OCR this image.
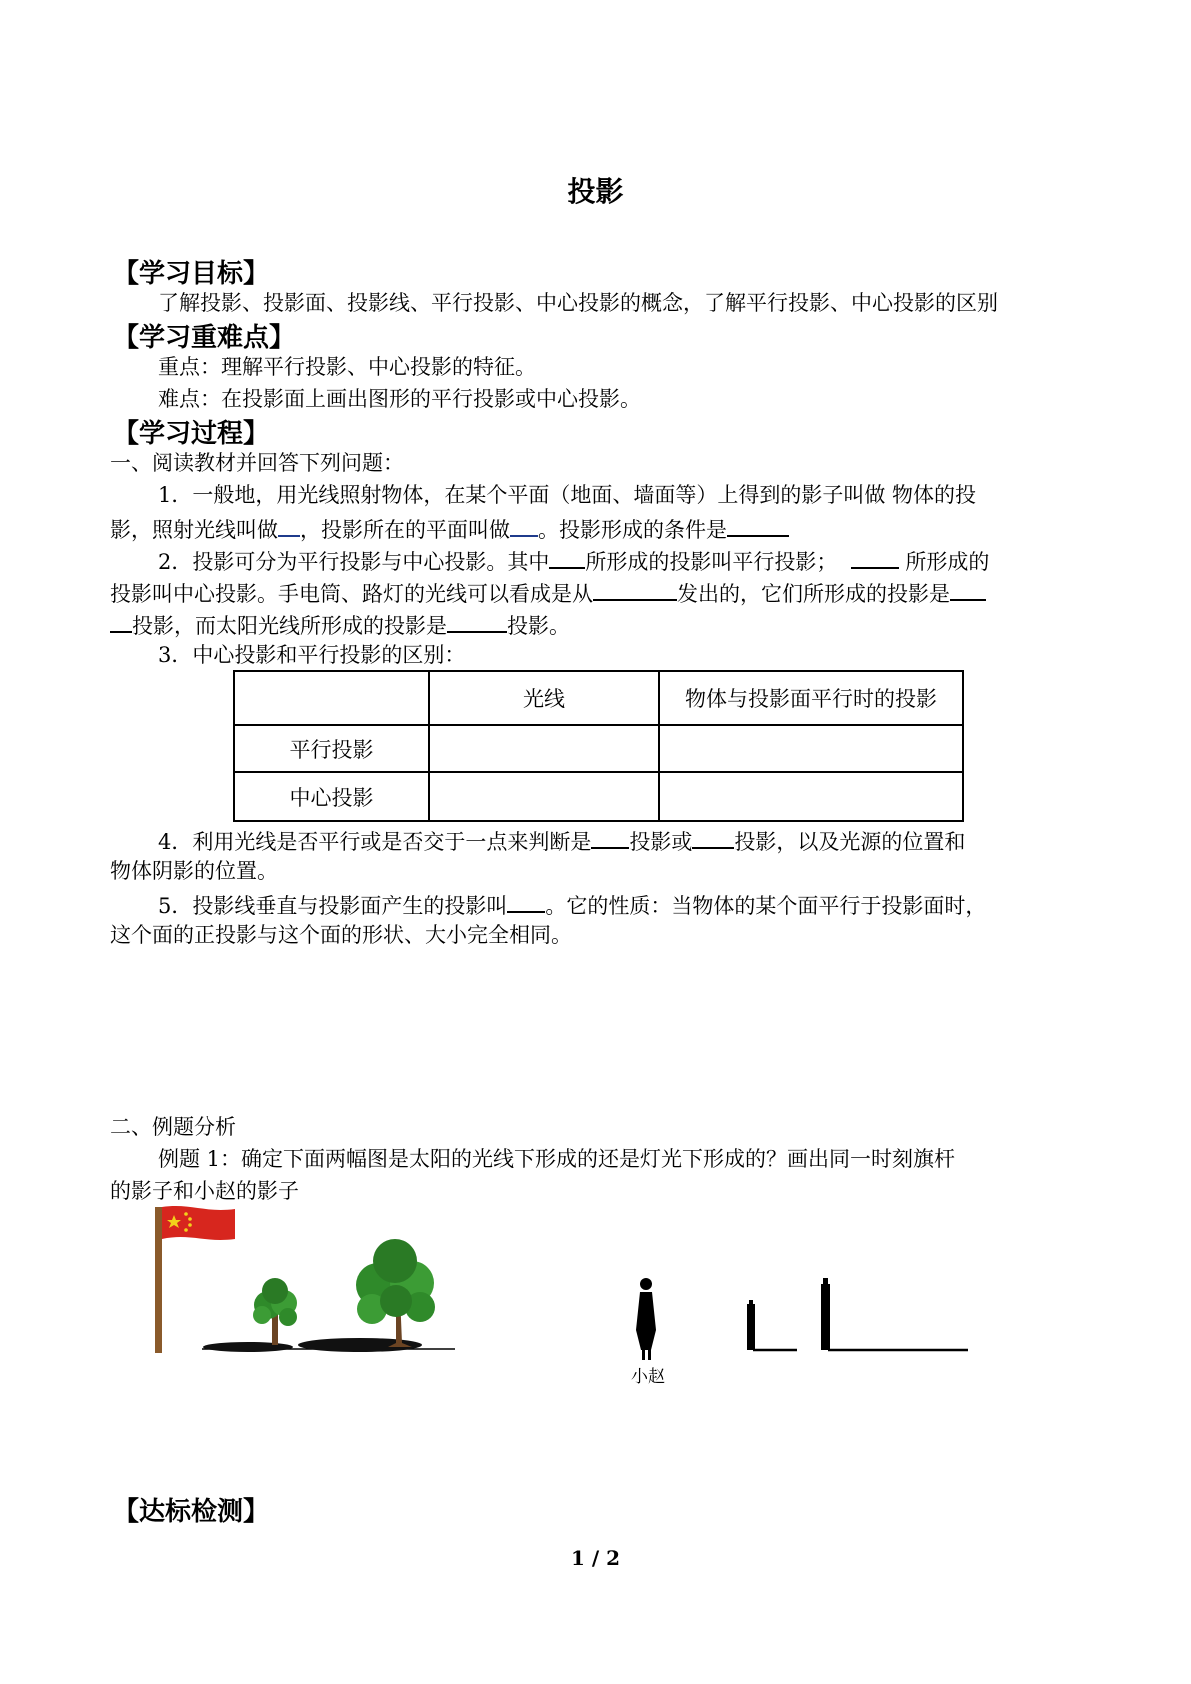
投影
【学习目标】
了解投影、投影面、投影线、平行投影、中心投影的概念，了解平行投影、中心投影的区别
【学习重难点】
重点：理解平行投影、中心投影的特征。
难点：在投影面上画出图形的平行投影或中心投影。
【学习过程】
一、阅读教材并回答下列问题：
1．一般地，用光线照射物体，在某个平面（地面、墙面等）上得到的影子叫做 物体的投
影，照射光线叫做 ，投影所在的平面叫做 。投影形成的条件是
2．投影可分为平行投影与中心投影。其中 所形成的投影叫平行投影；	所形成的
投影叫中心投影。手电筒、路灯的光线可以看成是从	发出的，它们所形成的投影是
投影，而太阳光线所形成的投影是	投影。
3．中心投影和平行投影的区别：
	光线	物体与投影面平行时的投影
平行投影		
中心投影		
4．利用光线是否平行或是否交于一点来判断是 投影或 投影，以及光源的位置和
物体阴影的位置。
5．投影线垂直与投影面产生的投影叫 。它的性质：当物体的某个面平行于投影面时，
这个面的正投影与这个面的形状、大小完全相同。
二、例题分析
例题 1：确定下面两幅图是太阳的光线下形成的还是灯光下形成的？画出同一时刻旗杆
的影子和小赵的影子
小赵
【达标检测】
1 / 2
